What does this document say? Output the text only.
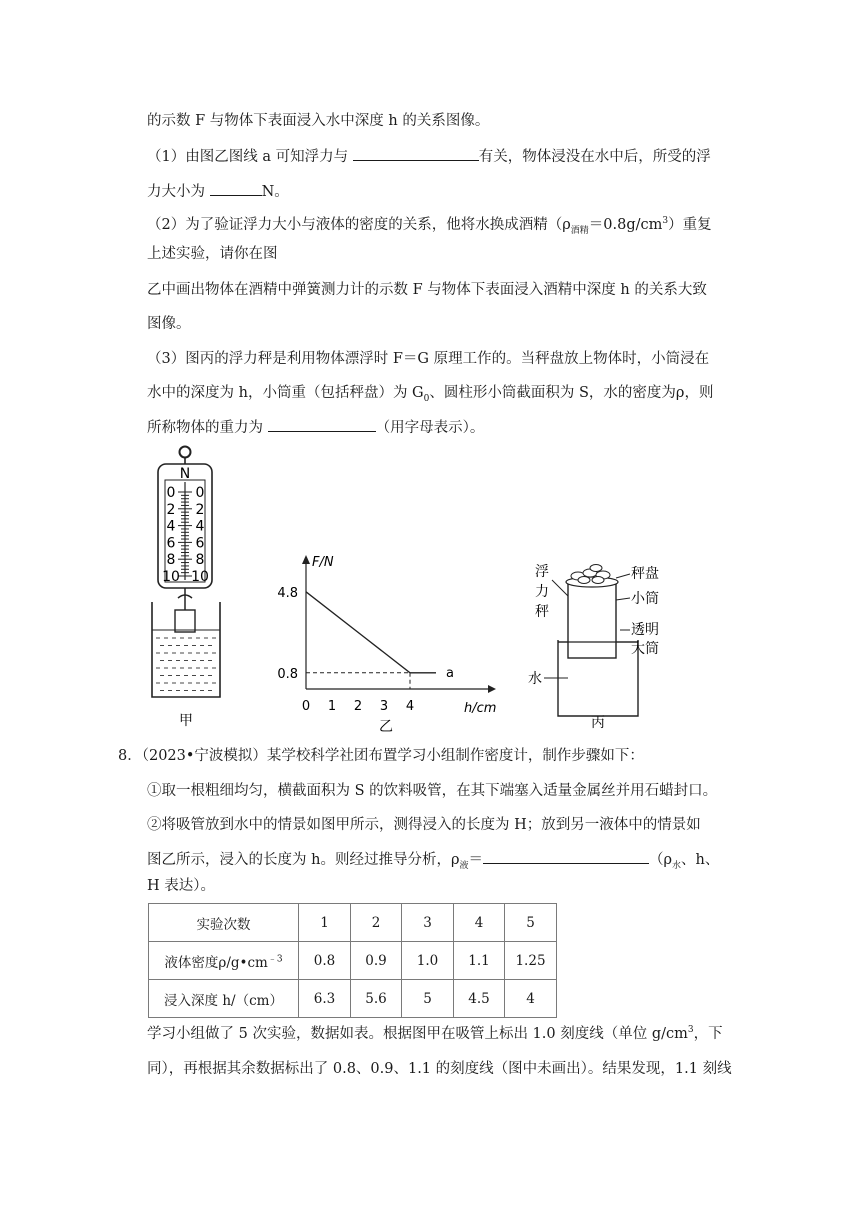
的示数 F 与物体下表面浸入水中深度 h 的关系图像。
（1）由图乙图线 a 可知浮力与	有关，物体浸没在水中后，所受的浮
力大小为	N。
（2）为了验证浮力大小与液体的密度的关系，他将水换成酒精$(\rho_{酒精}=0.8g/cm^3)$重复
上述实验，请你在图
乙中画出物体在酒精中弹簧测力计的示数 F 与物体下表面浸入酒精中深度 h 的关系大致
图像。
（3）图丙的浮力秤是利用物体漂浮时 F＝G 原理工作的。当秤盘放上物体时，小筒浸在
水中的深度为 h，小筒重（包括秤盘）为 $G_0$、圆柱形小筒截面积为 S，水的密度为ρ，则
所称物体的重力为	（用字母表示）。
N
0 0
2 2
4 4
6 6
8 8
10 10
甲
F/N
h/cm
0 1 2 3 4
4.8
0.8	a
乙
浮
力
秤
秤盘
小筒
透明
大筒
水
丙
8．（2023•宁波模拟）某学校科学社团布置学习小组制作密度计，制作步骤如下：
①取一根粗细均匀，横截面积为 S 的饮料吸管，在其下端塞入适量金属丝并用石蜡封口。
②将吸管放到水中的情景如图甲所示，测得浸入的长度为 H；放到另一液体中的情景如
图乙所示，浸入的长度为 h。则经过推导分析，$\rho_液=$	（$\rho_水$、h、
H 表达）。
实验次数	1	2	3	4	5
液体密度$\rho/g•cm^{﹣3}$	0.8	0.9	1.0	1.1	1.25
浸入深度 h/（cm）	6.3	5.6	5	4.5	4
学习小组做了 5 次实验，数据如表。根据图甲在吸管上标出 1.0 刻度线（单位 $g/cm^3$，下
同），再根据其余数据标出了 0.8、0.9、1.1 的刻度线（图中未画出）。结果发现，1.1 刻线
